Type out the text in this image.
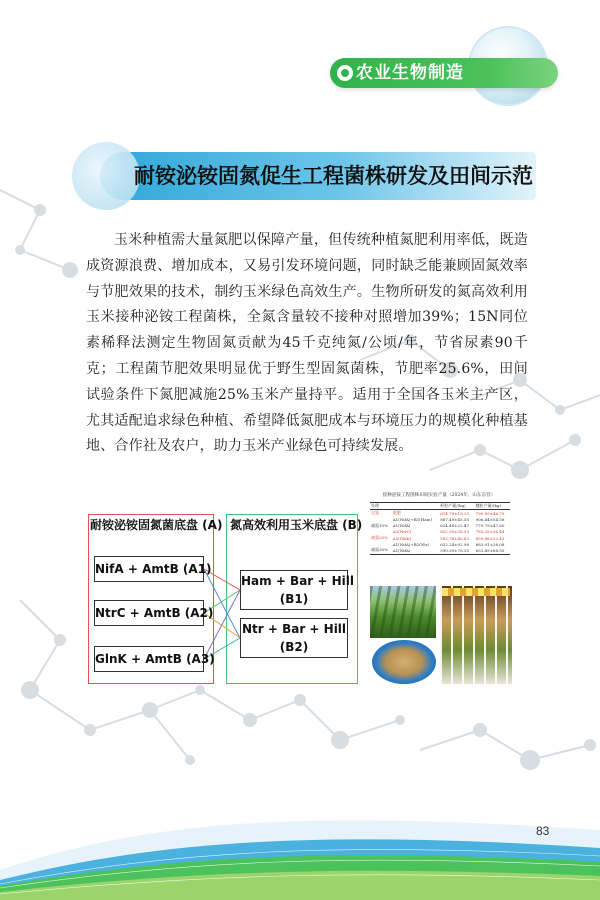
农业生物制造
耐铵泌铵固氮促生工程菌株研发及田间示范
玉米种植需大量氮肥以保障产量，但传统种植氮肥利用率低，既造成资源浪费、增加成本，又易引发环境问题，同时缺乏能兼顾固氮效率与节肥效果的技术，制约玉米绿色高效生产。生物所研发的氮高效利用玉米接种泌铵工程菌株，全氮含量较不接种对照增加39%；15N同位素稀释法测定生物固氮贡献为45千克纯氮/公顷/年，节省尿素90千克；工程菌节肥效果明显优于野生型固氮菌株，节肥率25.6%，田间试验条件下氮肥减施25%玉米产量持平。适用于全国各玉米主产区，尤其适配追求绿色种植、希望降低氮肥成本与环境压力的规模化种植基地、合作社及农户，助力玉米产业绿色可持续发展。
耐铵泌铵固氮菌底盘 (A) 氮高效利用玉米底盘 (B)
NifA + AmtB (A1)
NtrC + AmtB (A2)
GlnK + AmtB (A3)
Ham + Bar + Hill
(B1)
Ntr + Bar + Hill
(B2)
接种泌铵工程菌株田间实验产量（2024年，山东东营）
处理		籽粒产量/(kg)	穗粒产量/(kg)
全氮	底肥	614.79±19.23	790.89±46.79
	A1(NifA)+B1(Ham)	867.49±45.55	906.44±54.56
减氮10%	A1(NifA)	624.48±22.47	779.79±47.60
	A2(NtrC)	652.93±38.59	785.35±36.44
减氮20%	A3(GlnK)	582.78±40.63	659.88±22.43
	A1(NifA)+B2(Ntr)	632.24±92.98	683.91±26.08
减氮30%	A1(NifA)	590.55±76.35	633.49±68.55
83
